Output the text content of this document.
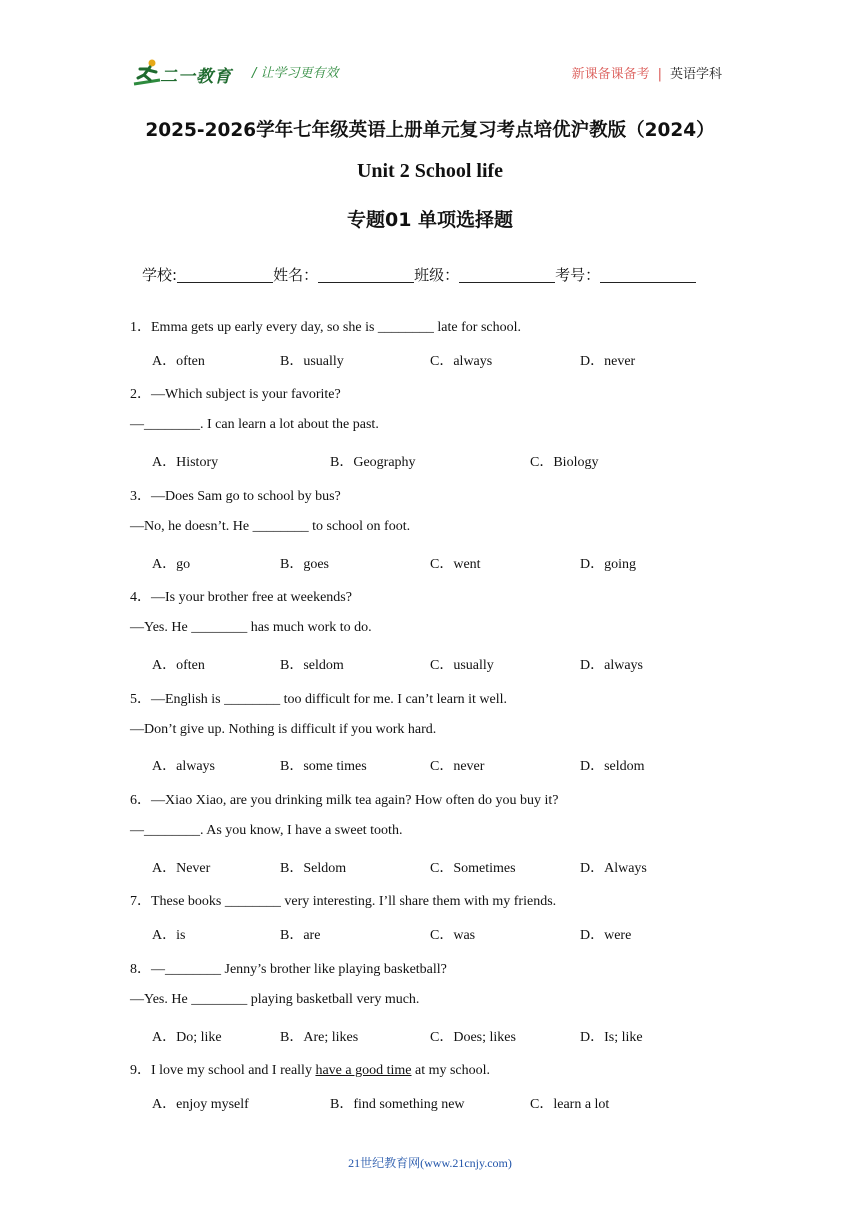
二一教育 / 让学习更有效	新课备课备考 | 英语学科
2025-2026学年七年级英语上册单元复习考点培优沪教版（2024）
Unit 2 School life
专题01 单项选择题
学校:	姓名：	班级：	考号：
1．Emma gets up early every day, so she is ________ late for school.
A．often	B．usually	C．always	D．never
2．—Which subject is your favorite?
—________. I can learn a lot about the past.
A．History	B．Geography	C．Biology
3．—Does Sam go to school by bus?
—No, he doesn’t. He ________ to school on foot.
A．go	B．goes	C．went	D．going
4．—Is your brother free at weekends?
—Yes. He ________ has much work to do.
A．often	B．seldom	C．usually	D．always
5．—English is ________ too difficult for me. I can’t learn it well.
—Don’t give up. Nothing is difficult if you work hard.
A．always	B．some times	C．never	D．seldom
6．—Xiao Xiao, are you drinking milk tea again? How often do you buy it?
—________. As you know, I have a sweet tooth.
A．Never	B．Seldom	C．Sometimes	D．Always
7．These books ________ very interesting. I’ll share them with my friends.
A．is	B．are	C．was	D．were
8．—________ Jenny’s brother like playing basketball?
—Yes. He ________ playing basketball very much.
A．Do; like	B．Are; likes	C．Does; likes	D．Is; like
9．I love my school and I really have a good time at my school.
A．enjoy myself	B．find something new	C．learn a lot
21世纪教育网(www.21cnjy.com)
